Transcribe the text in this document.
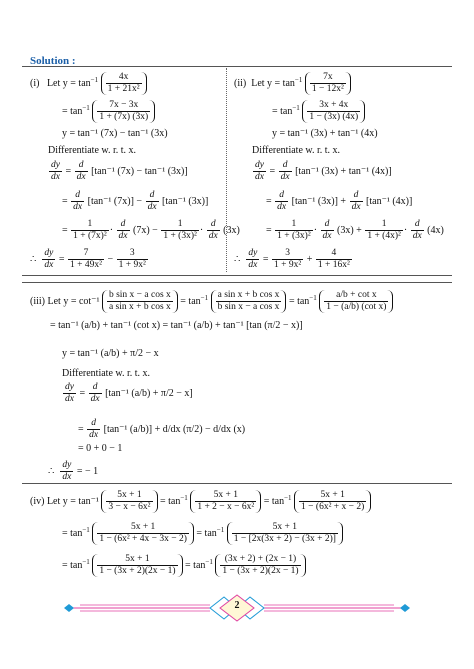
Solution :
(i) Let $y = \tan^{-1} \frac{4x}{\text{1 + 21x²}}$
= $\tan^{-1} \frac{7x - 3x}{1 + (7x) (3x)}$
y = tan⁻¹ (7x) − tan⁻¹ (3x)
Differentiate w. r. t. x.
$\frac{dy}{dx} = \frac{d}{dx} [\tan^{-1}$ (7x) − tan⁻¹ (3x)]
= $\frac{d}{dx} [\tan^{-1}$ $(7x)] - \frac{d}{dx} [\tan^{-1}$ (3x)]
= $\frac{1}{\text{1 + (7x)²}} \cdot \frac{d}{dx} (7x) - \frac{1}{\text{1 + (3x)²}} \cdot \frac{d}{dx} (3x)$
∴ $\frac{dy}{dx} = \frac{7}{\text{1 + 49x²}} - \frac{3}{\text{1 + 9x²}}$
(ii) Let $y = \tan^{-1} \frac{7x}{\text{1 − 12x²}}$
= $\tan^{-1} \frac{3x + 4x}{1 - (3x) (4x)}$
y = tan⁻¹ (3x) + tan⁻¹ (4x)
Differentiate w. r. t. x.
$\frac{dy}{dx} = \frac{d}{dx} [\tan^{-1}$ (3x) + tan⁻¹ (4x)]
= $\frac{d}{dx} [\tan^{-1}$ $(3x)] + \frac{d}{dx} [\tan^{-1}$ (4x)]
= $\frac{1}{\text{1 + (3x)²}} \cdot \frac{d}{dx} (3x) + \frac{1}{\text{1 + (4x)²}} \cdot \frac{d}{dx} (4x)$
∴ $\frac{dy}{dx} = \frac{3}{\text{1 + 9x²}} + \frac{4}{\text{1 + 16x²}}$
(iii) Let $y = \cot^{-1} \frac{\text{b sin x − a cos x}}{\text{a sin x + b cos x}} = \tan^{-1} \frac{\text{a sin x + b cos x}}{\text{b sin x − a cos x}} = \tan^{-1} \frac{\text{a/b + cot x}}{\text{1 − (a/b) (cot x)}}$
= tan⁻¹ (a/b) + tan⁻¹ (cot x) = tan⁻¹ (a/b) + tan⁻¹ [tan (π/2 − x)]
y = tan⁻¹ (a/b) + π/2 − x
Differentiate w. r. t. x.
$\frac{dy}{dx} = \frac{d}{dx} [\tan^{-1}$ (a/b) + π/2 − x]
= $\frac{d}{dx} [\tan^{-1}$ (a/b)] + d/dx (π/2) − d/dx (x)
= 0 + 0 − 1
∴ $\frac{dy}{dx}$ = − 1
(iv) Let $y = \tan^{-1} \frac{5x + 1}{\text{3 − x − 6x²}} = \tan^{-1} \frac{5x + 1}{\text{1 + 2 − x − 6x²}} = \tan^{-1} \frac{5x + 1}{\text{1 − (6x² + x − 2)}}$
= $\tan^{-1} \frac{5x + 1}{\text{1 − (6x² + 4x − 3x − 2)}} = \tan^{-1} \frac{5x + 1}{1 - [2x(3x + 2) - (3x + 2)]}$
= $\tan^{-1} \frac{5x + 1}{1 - (3x + 2)(2x - 1)} = \tan^{-1} \frac{(3x + 2) + (2x - 1)}{1 - (3x + 2)(2x - 1)}$
2
